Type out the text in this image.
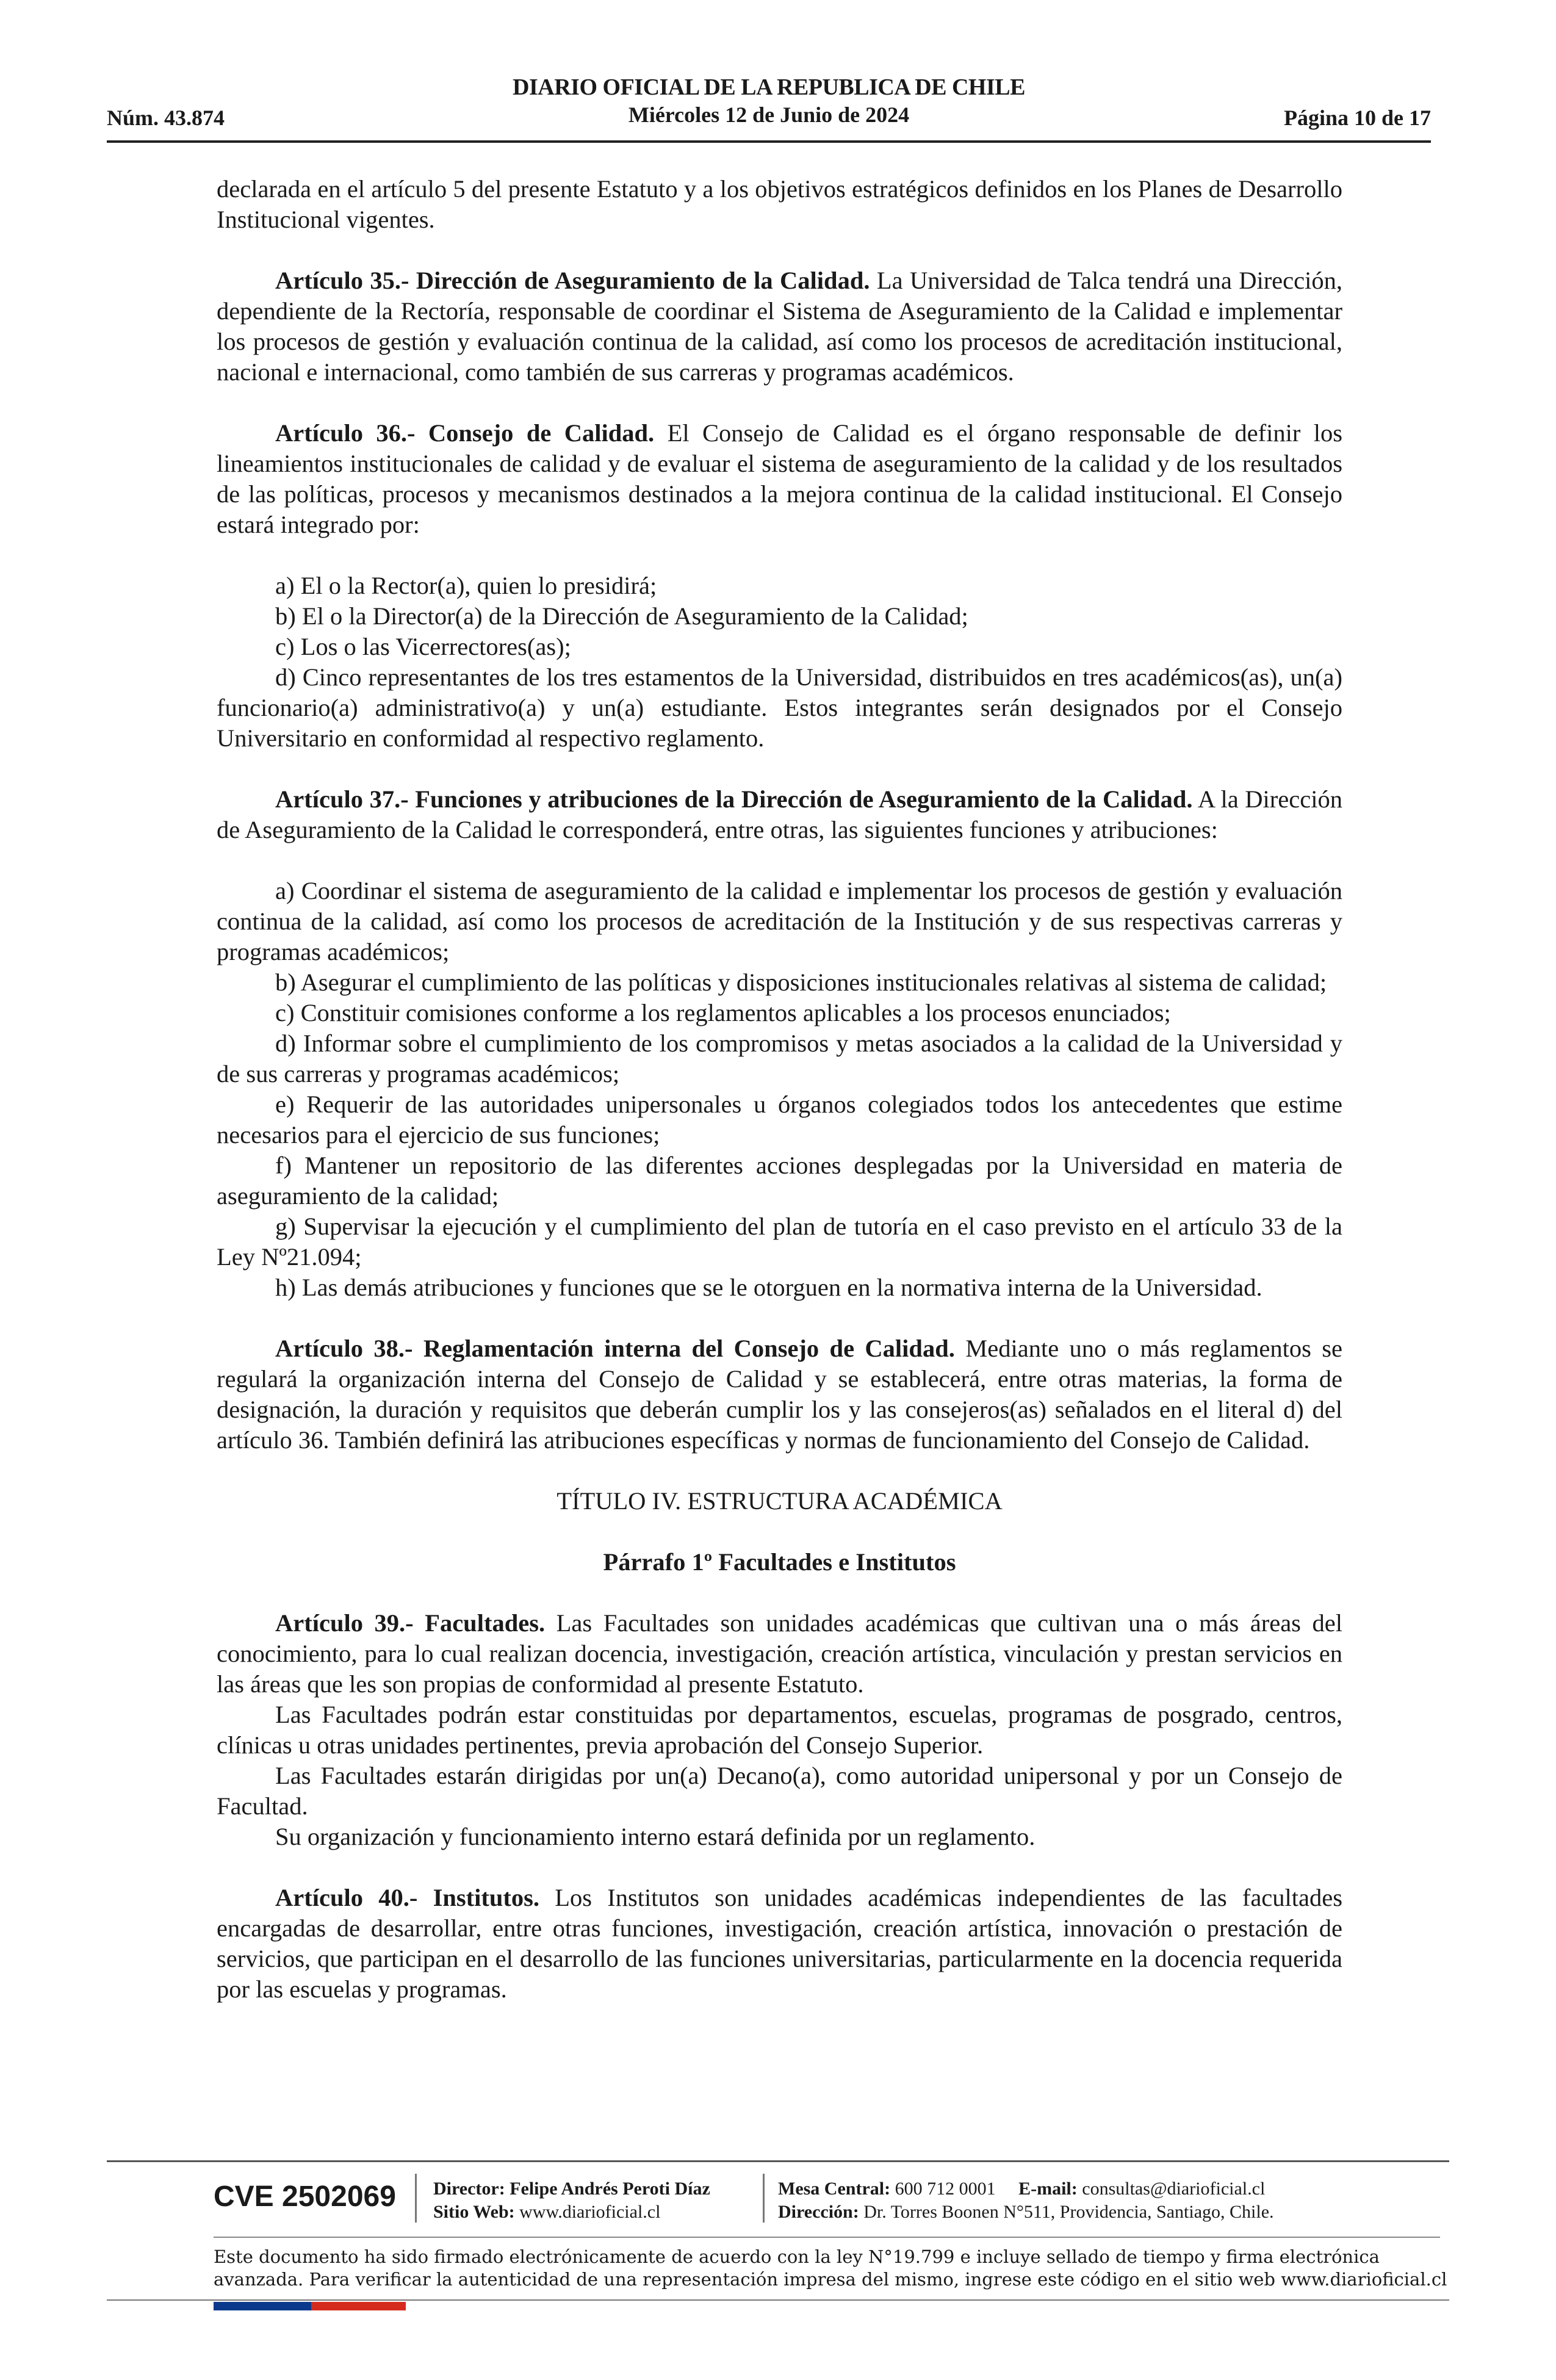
DIARIO OFICIAL DE LA REPUBLICA DE CHILE
Miércoles 12 de Junio de 2024
Núm. 43.874	Página 10 de 17

declarada en el artículo 5 del presente Estatuto y a los objetivos estratégicos definidos en los Planes de Desarrollo Institucional vigentes.

Artículo 35.- Dirección de Aseguramiento de la Calidad. La Universidad de Talca tendrá una Dirección, dependiente de la Rectoría, responsable de coordinar el Sistema de Aseguramiento de la Calidad e implementar los procesos de gestión y evaluación continua de la calidad, así como los procesos de acreditación institucional, nacional e internacional, como también de sus carreras y programas académicos.

Artículo 36.- Consejo de Calidad. El Consejo de Calidad es el órgano responsable de definir los lineamientos institucionales de calidad y de evaluar el sistema de aseguramiento de la calidad y de los resultados de las políticas, procesos y mecanismos destinados a la mejora continua de la calidad institucional. El Consejo estará integrado por:

a) El o la Rector(a), quien lo presidirá;

b) El o la Director(a) de la Dirección de Aseguramiento de la Calidad;

c) Los o las Vicerrectores(as);

d) Cinco representantes de los tres estamentos de la Universidad, distribuidos en tres académicos(as), un(a) funcionario(a) administrativo(a) y un(a) estudiante. Estos integrantes serán designados por el Consejo Universitario en conformidad al respectivo reglamento.

Artículo 37.- Funciones y atribuciones de la Dirección de Aseguramiento de la Calidad. A la Dirección de Aseguramiento de la Calidad le corresponderá, entre otras, las siguientes funciones y atribuciones:

a) Coordinar el sistema de aseguramiento de la calidad e implementar los procesos de gestión y evaluación continua de la calidad, así como los procesos de acreditación de la Institución y de sus respectivas carreras y programas académicos;

b) Asegurar el cumplimiento de las políticas y disposiciones institucionales relativas al sistema de calidad;

c) Constituir comisiones conforme a los reglamentos aplicables a los procesos enunciados;

d) Informar sobre el cumplimiento de los compromisos y metas asociados a la calidad de la Universidad y de sus carreras y programas académicos;

e) Requerir de las autoridades unipersonales u órganos colegiados todos los antecedentes que estime necesarios para el ejercicio de sus funciones;

f) Mantener un repositorio de las diferentes acciones desplegadas por la Universidad en materia de aseguramiento de la calidad;

g) Supervisar la ejecución y el cumplimiento del plan de tutoría en el caso previsto en el artículo 33 de la Ley Nº21.094;

h) Las demás atribuciones y funciones que se le otorguen en la normativa interna de la Universidad.

Artículo 38.- Reglamentación interna del Consejo de Calidad. Mediante uno o más reglamentos se regulará la organización interna del Consejo de Calidad y se establecerá, entre otras materias, la forma de designación, la duración y requisitos que deberán cumplir los y las consejeros(as) señalados en el literal d) del artículo 36. También definirá las atribuciones específicas y normas de funcionamiento del Consejo de Calidad.

TÍTULO IV. ESTRUCTURA ACADÉMICA

Párrafo 1º Facultades e Institutos

Artículo 39.- Facultades. Las Facultades son unidades académicas que cultivan una o más áreas del conocimiento, para lo cual realizan docencia, investigación, creación artística, vinculación y prestan servicios en las áreas que les son propias de conformidad al presente Estatuto.

Las Facultades podrán estar constituidas por departamentos, escuelas, programas de posgrado, centros, clínicas u otras unidades pertinentes, previa aprobación del Consejo Superior.

Las Facultades estarán dirigidas por un(a) Decano(a), como autoridad unipersonal y por un Consejo de Facultad.

Su organización y funcionamiento interno estará definida por un reglamento.

Artículo 40.- Institutos. Los Institutos son unidades académicas independientes de las facultades encargadas de desarrollar, entre otras funciones, investigación, creación artística, innovación o prestación de servicios, que participan en el desarrollo de las funciones universitarias, particularmente en la docencia requerida por las escuelas y programas.

CVE 2502069 Director: Felipe Andrés Peroti Díaz
Sitio Web: www.diarioficial.cl
Mesa Central: 600 712 0001 E-mail: consultas@diarioficial.cl
Dirección: Dr. Torres Boonen N°511, Providencia, Santiago, Chile.
Este documento ha sido firmado electrónicamente de acuerdo con la ley N°19.799 e incluye sellado de tiempo y firma electrónica avanzada. Para verificar la autenticidad de una representación impresa del mismo, ingrese este código en el sitio web www.diarioficial.cl
